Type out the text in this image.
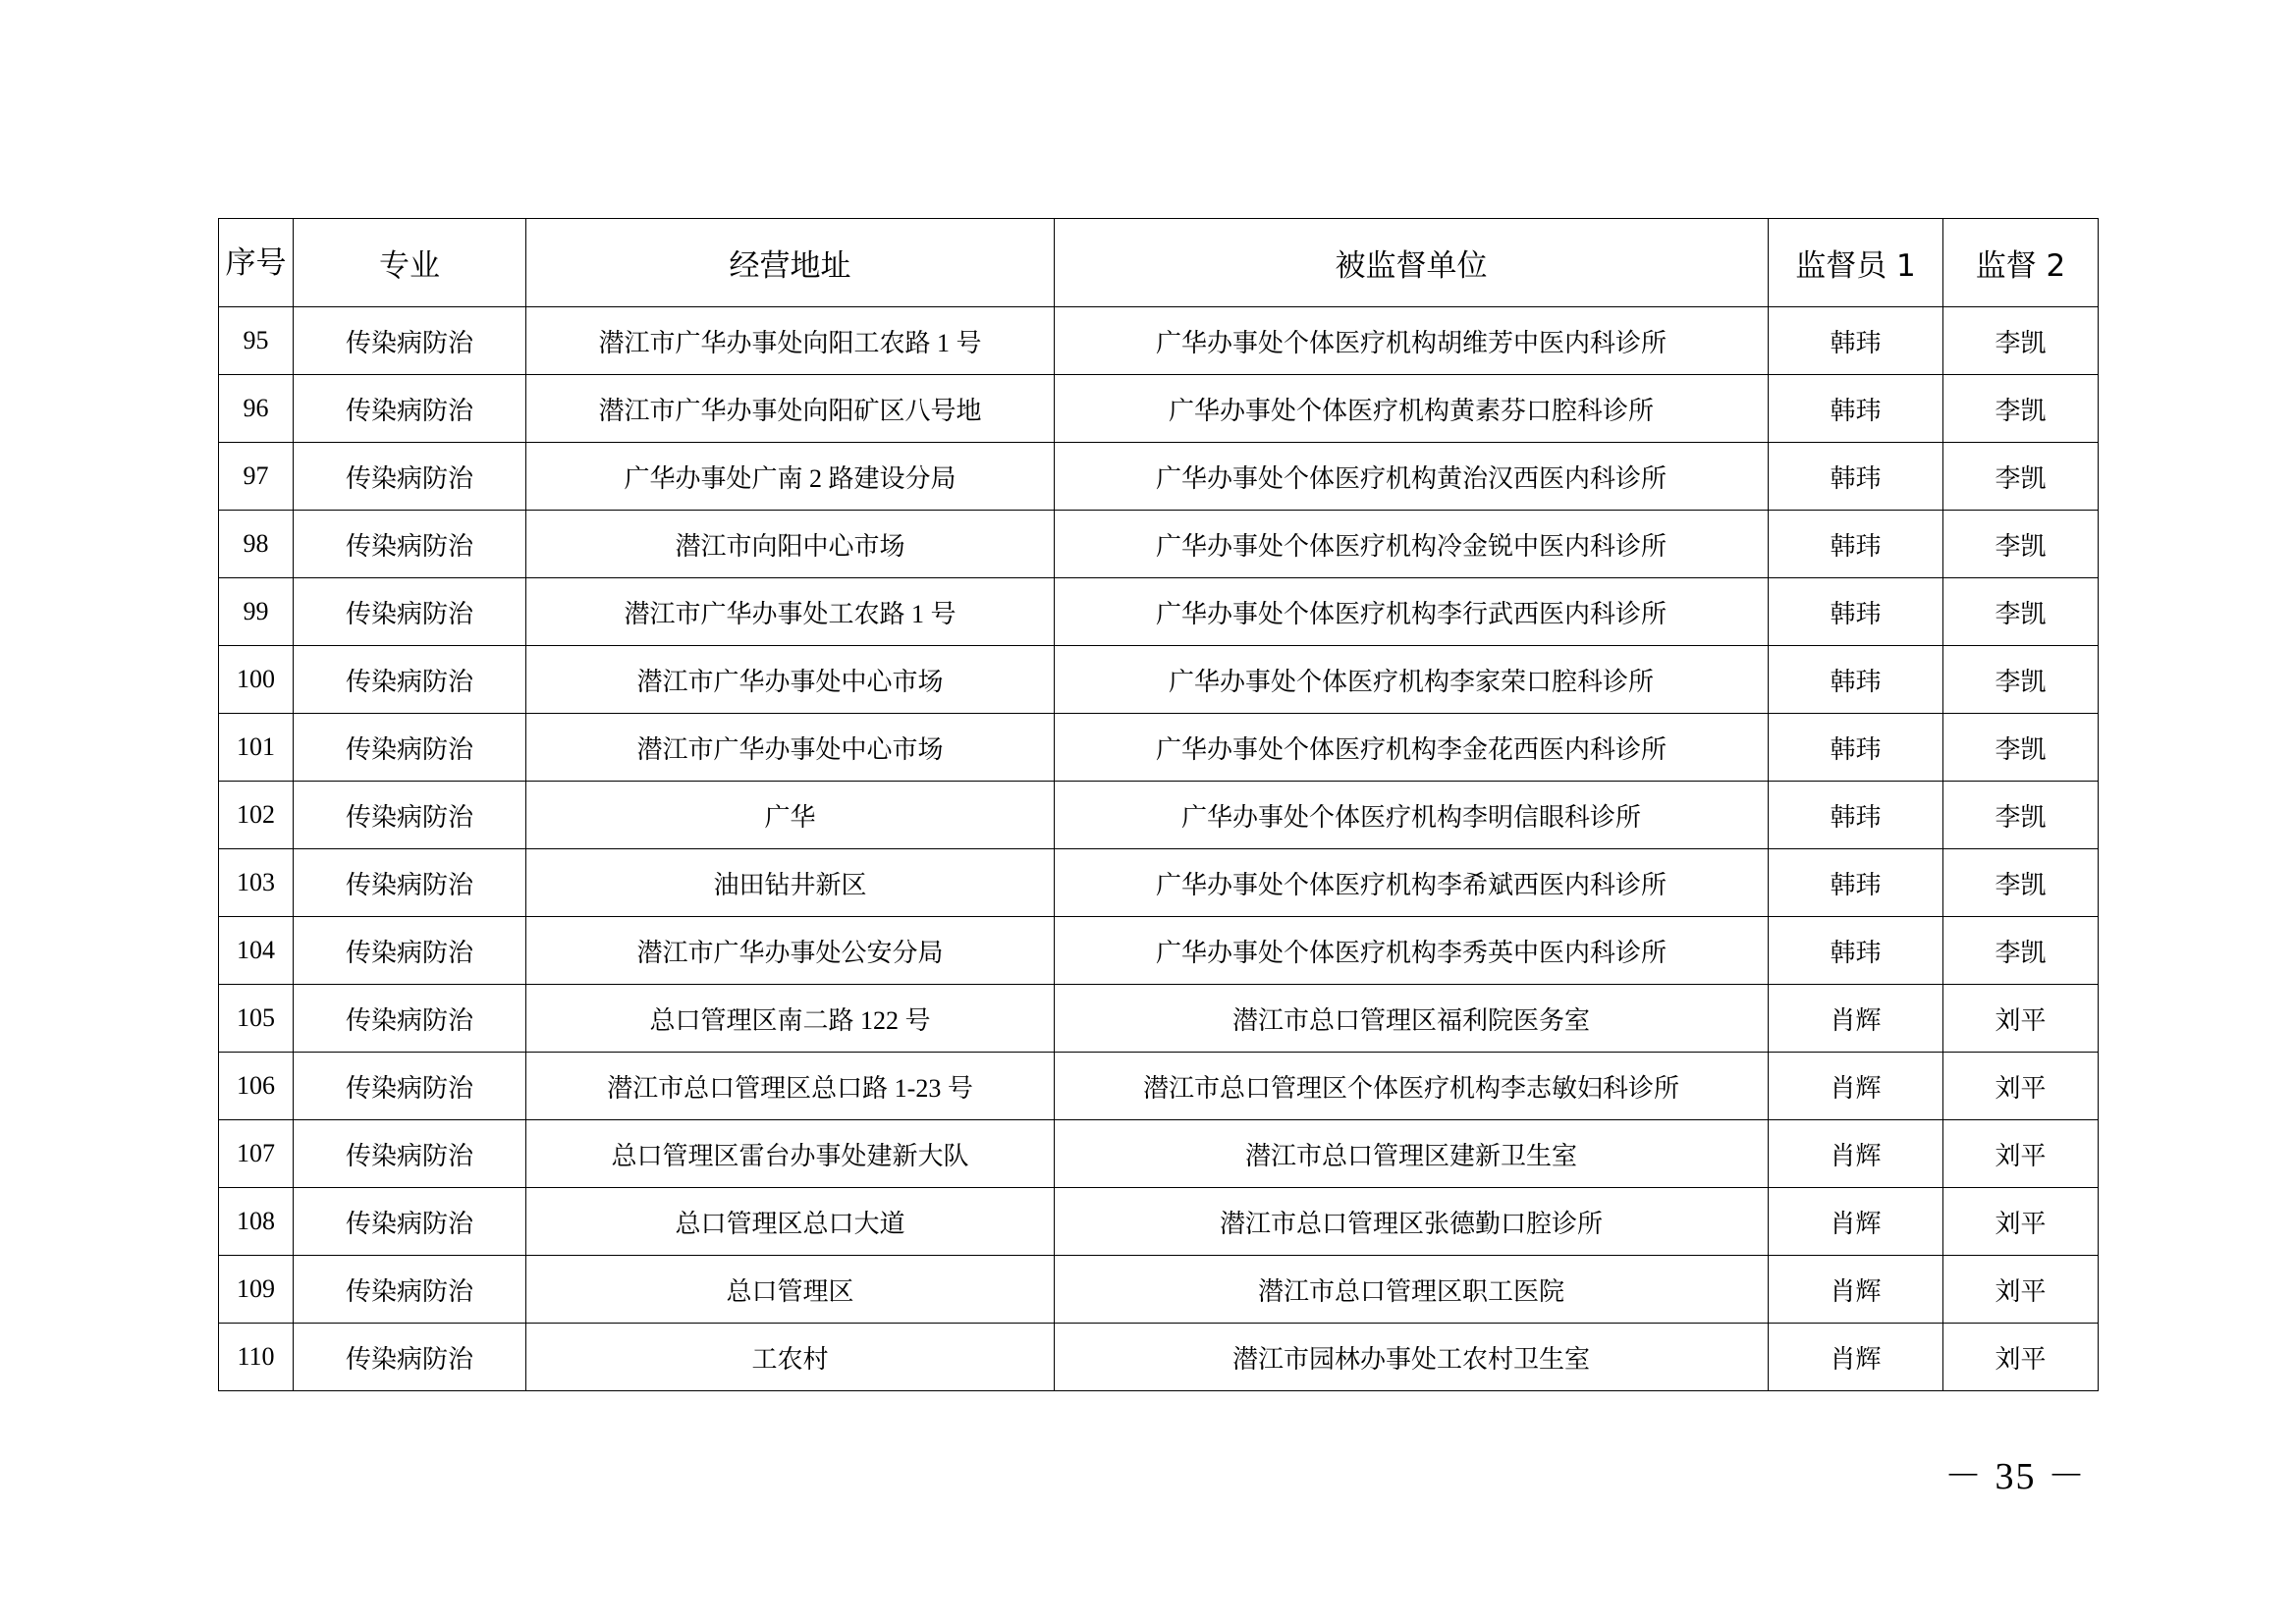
序号	专业	经营地址	被监督单位	监督员 1	监督 2
95	传染病防治	潜江市广华办事处向阳工农路 1 号	广华办事处个体医疗机构胡维芳中医内科诊所	韩玮	李凯
96	传染病防治	潜江市广华办事处向阳矿区八号地	广华办事处个体医疗机构黄素芬口腔科诊所	韩玮	李凯
97	传染病防治	广华办事处广南 2 路建设分局	广华办事处个体医疗机构黄治汉西医内科诊所	韩玮	李凯
98	传染病防治	潜江市向阳中心市场	广华办事处个体医疗机构冷金锐中医内科诊所	韩玮	李凯
99	传染病防治	潜江市广华办事处工农路 1 号	广华办事处个体医疗机构李行武西医内科诊所	韩玮	李凯
100	传染病防治	潜江市广华办事处中心市场	广华办事处个体医疗机构李家荣口腔科诊所	韩玮	李凯
101	传染病防治	潜江市广华办事处中心市场	广华办事处个体医疗机构李金花西医内科诊所	韩玮	李凯
102	传染病防治	广华	广华办事处个体医疗机构李明信眼科诊所	韩玮	李凯
103	传染病防治	油田钻井新区	广华办事处个体医疗机构李希斌西医内科诊所	韩玮	李凯
104	传染病防治	潜江市广华办事处公安分局	广华办事处个体医疗机构李秀英中医内科诊所	韩玮	李凯
105	传染病防治	总口管理区南二路 122 号	潜江市总口管理区福利院医务室	肖辉	刘平
106	传染病防治	潜江市总口管理区总口路 1-23 号	潜江市总口管理区个体医疗机构李志敏妇科诊所	肖辉	刘平
107	传染病防治	总口管理区雷台办事处建新大队	潜江市总口管理区建新卫生室	肖辉	刘平
108	传染病防治	总口管理区总口大道	潜江市总口管理区张德勤口腔诊所	肖辉	刘平
109	传染病防治	总口管理区	潜江市总口管理区职工医院	肖辉	刘平
110	传染病防治	工农村	潜江市园林办事处工农村卫生室	肖辉	刘平
－ 35 －
